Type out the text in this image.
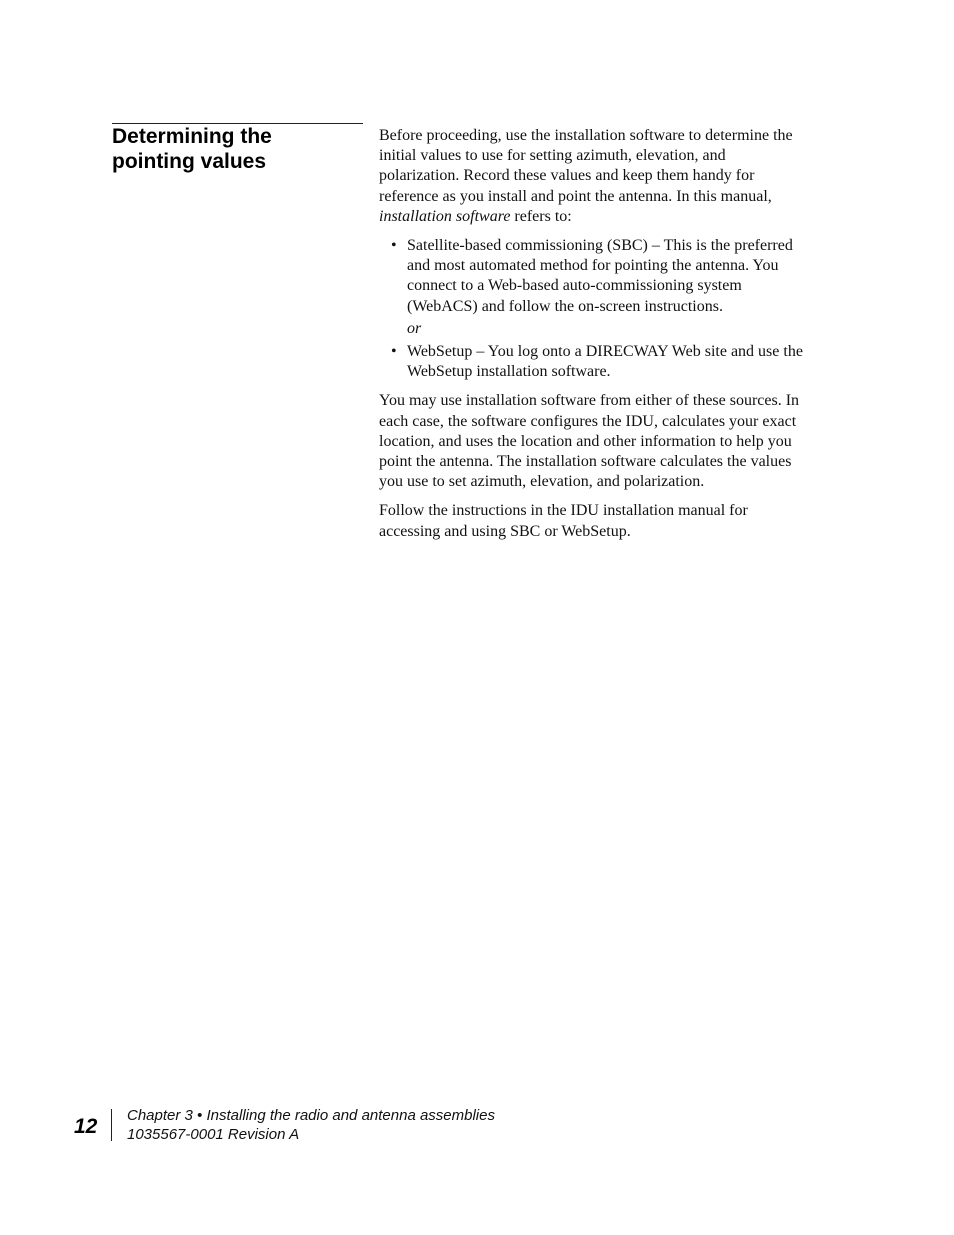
Determining the
pointing values

Before proceeding, use the installation software to determine the
initial values to use for setting azimuth, elevation, and
polarization. Record these values and keep them handy for
reference as you install and point the antenna. In this manual,
installation software refers to:

• Satellite-based commissioning (SBC) – This is the preferred
and most automated method for pointing the antenna. You
connect to a Web-based auto-commissioning system
(WebACS) and follow the on-screen instructions.
or
• WebSetup – You log onto a DIRECWAY Web site and use the
WebSetup installation software.

You may use installation software from either of these sources. In
each case, the software configures the IDU, calculates your exact
location, and uses the location and other information to help you
point the antenna. The installation software calculates the values
you use to set azimuth, elevation, and polarization.

Follow the instructions in the IDU installation manual for
accessing and using SBC or WebSetup.

12 Chapter 3 • Installing the radio and antenna assemblies
1035567-0001 Revision A
